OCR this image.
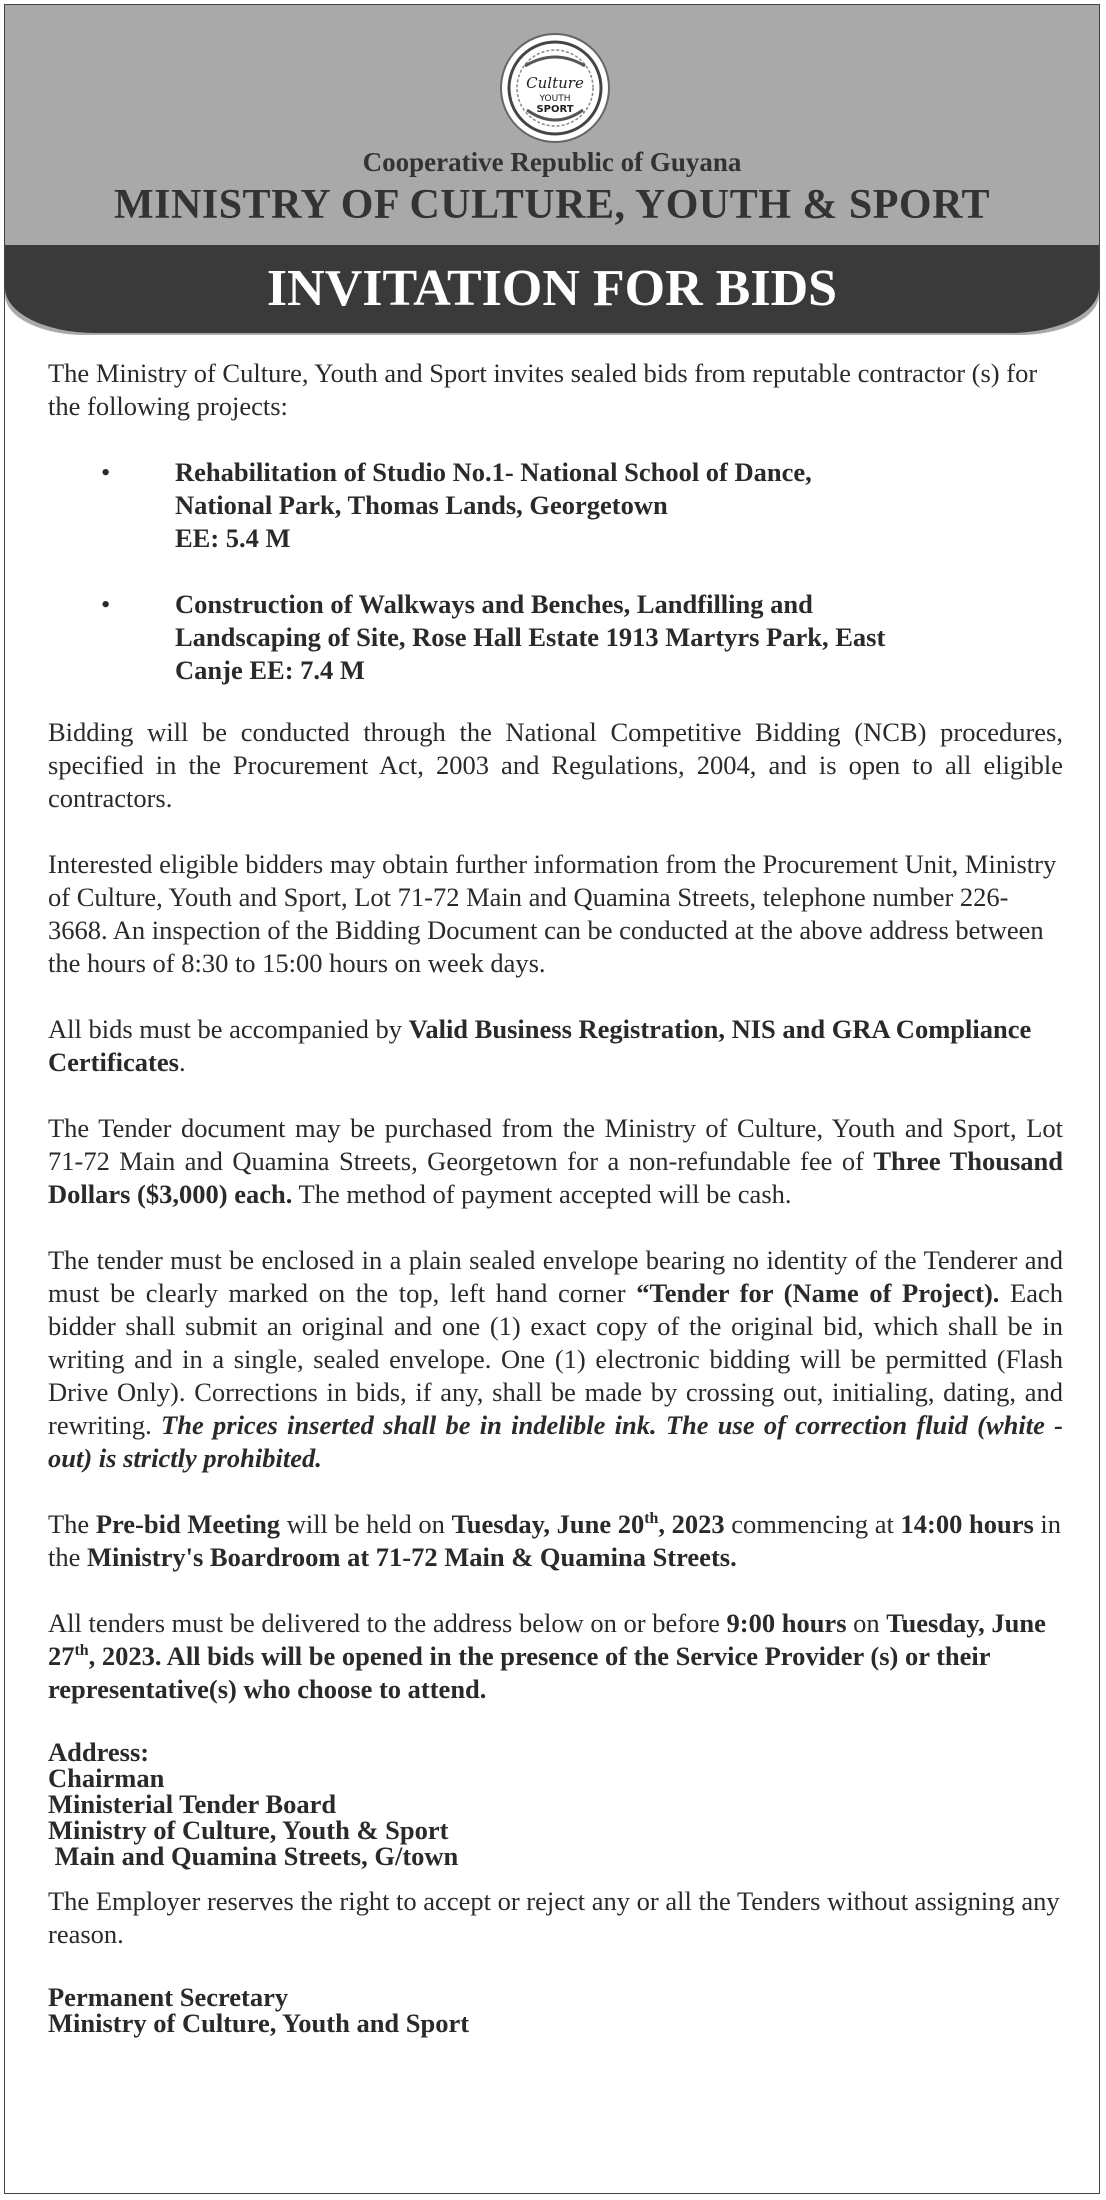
Culture
YOUTH
SPORT
Cooperative Republic of Guyana
MINISTRY OF CULTURE, YOUTH & SPORT
INVITATION FOR BIDS

The Ministry of Culture, Youth and Sport invites sealed bids from reputable contractor (s) for the following projects:

• Rehabilitation of Studio No.1- National School of Dance,
National Park, Thomas Lands, Georgetown
EE: 5.4 M
• Construction of Walkways and Benches, Landfilling and
Landscaping of Site, Rose Hall Estate 1913 Martyrs Park, East
Canje EE: 7.4 M

Bidding will be conducted through the National Competitive Bidding (NCB) procedures, specified in the Procurement Act, 2003 and Regulations, 2004, and is open to all eligible contractors.

Interested eligible bidders may obtain further information from the Procurement Unit, Ministry of Culture, Youth and Sport, Lot 71-72 Main and Quamina Streets, telephone number 226-3668. An inspection of the Bidding Document can be conducted at the above address between the hours of 8:30 to 15:00 hours on week days.

All bids must be accompanied by Valid Business Registration, NIS and GRA Compliance Certificates.

The Tender document may be purchased from the Ministry of Culture, Youth and Sport, Lot 71-72 Main and Quamina Streets, Georgetown for a non-refundable fee of Three Thousand Dollars ($3,000) each. The method of payment accepted will be cash.

The tender must be enclosed in a plain sealed envelope bearing no identity of the Tenderer and must be clearly marked on the top, left hand corner “Tender for (Name of Project). Each bidder shall submit an original and one (1) exact copy of the original bid, which shall be in writing and in a single, sealed envelope. One (1) electronic bidding will be permitted (Flash Drive Only). Corrections in bids, if any, shall be made by crossing out, initialing, dating, and rewriting. The prices inserted shall be in indelible ink. The use of correction fluid (white -out) is strictly prohibited.

The Pre-bid Meeting will be held on Tuesday, June 20th, 2023 commencing at 14:00 hours in the Ministry's Boardroom at 71-72 Main & Quamina Streets.

All tenders must be delivered to the address below on or before 9:00 hours on Tuesday, June 27th, 2023. All bids will be opened in the presence of the Service Provider (s) or their representative(s) who choose to attend.

Address:
Chairman
Ministerial Tender Board
Ministry of Culture, Youth & Sport
Main and Quamina Streets, G/town

The Employer reserves the right to accept or reject any or all the Tenders without assigning any reason.

Permanent Secretary
Ministry of Culture, Youth and Sport
